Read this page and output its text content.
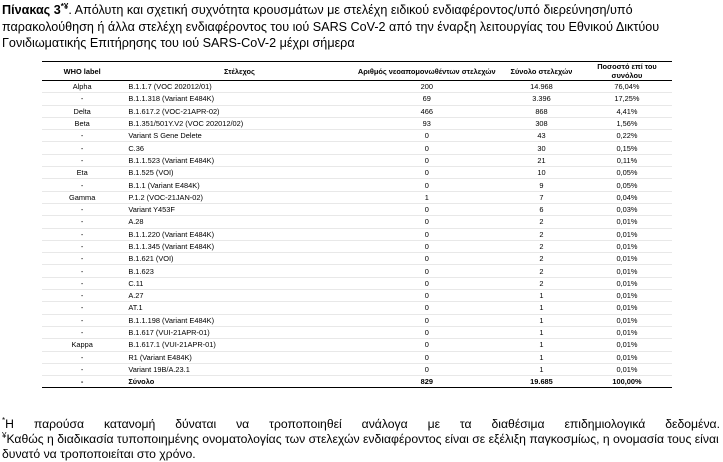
Πίνακας 3*¥. Απόλυτη και σχετική συχνότητα κρουσμάτων με στελέχη ειδικού ενδιαφέροντος/υπό διερεύνηση/υπό παρακολούθηση ή άλλα στελέχη ενδιαφέροντος του ιού SARS CoV-2 από την έναρξη λειτουργίας του Εθνικού Δικτύου Γονιδιωματικής Επιτήρησης του ιού SARS-CoV-2 μέχρι σήμερα
WHO label	Στέλεχος	Αριθμός νεοαπομονωθέντων στελεχών	Σύνολο στελεχών	Ποσοστό επί του συνόλου
Alpha	B.1.1.7 (VOC 202012/01)	200	14.968	76,04%
-	B.1.1.318 (Variant E484K)	69	3.396	17,25%
Delta	B.1.617.2 (VOC-21APR-02)	466	868	4,41%
Beta	B.1.351/501Y.V2 (VOC 202012/02)	93	308	1,56%
-	Variant S Gene Delete	0	43	0,22%
-	C.36	0	30	0,15%
-	B.1.1.523 (Variant E484K)	0	21	0,11%
Eta	B.1.525 (VOI)	0	10	0,05%
-	B.1.1 (Variant E484K)	0	9	0,05%
Gamma	P.1.2 (VOC-21JAN-02)	1	7	0,04%
-	Variant Y453F	0	6	0,03%
-	A.28	0	2	0,01%
-	B.1.1.220 (Variant E484K)	0	2	0,01%
-	B.1.1.345 (Variant E484K)	0	2	0,01%
-	B.1.621 (VOI)	0	2	0,01%
-	B.1.623	0	2	0,01%
-	C.11	0	2	0,01%
-	A.27	0	1	0,01%
-	AT.1	0	1	0,01%
-	B.1.1.198 (Variant E484K)	0	1	0,01%
-	B.1.617 (VUI-21APR-01)	0	1	0,01%
Kappa	B.1.617.1 (VUI-21APR-01)	0	1	0,01%
-	R1 (Variant E484K)	0	1	0,01%
-	Variant 19B/A.23.1	0	1	0,01%
-	Σύνολο	829	19.685	100,00%
*Η παρούσα κατανομή δύναται να τροποποιηθεί ανάλογα με τα διαθέσιμα επιδημιολογικά δεδομένα.
¥Καθώς η διαδικασία τυποποιημένης ονοματολογίας των στελεχών ενδιαφέροντος είναι σε εξέλιξη παγκοσμίως, η ονομασία τους είναι δυνατό να τροποποιείται στο χρόνο.
